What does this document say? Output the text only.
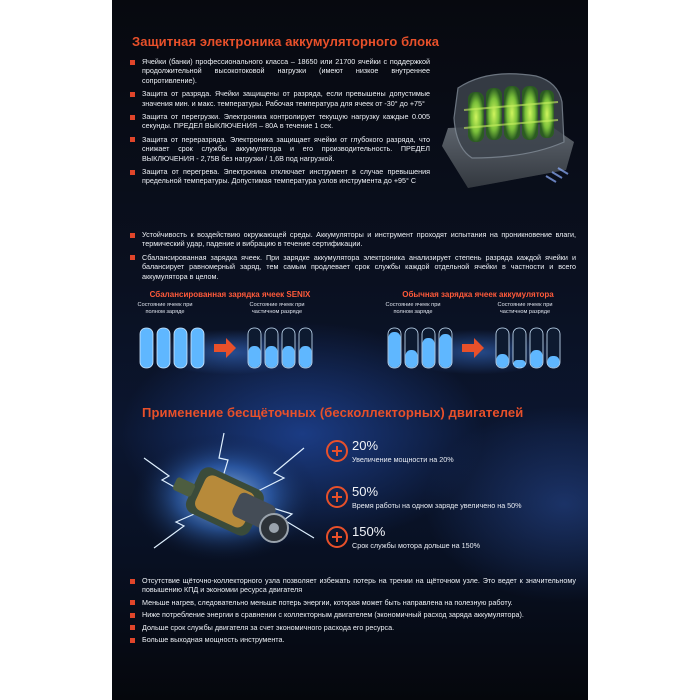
Защитная электроника аккумуляторного блока
Ячейки (банки) профессионального класса – 18650 или 21700 ячейки с поддержкой продолжительной высокотоковой нагрузки (имеют низкое внутреннее сопротивление).
Защита от разряда. Ячейки защищены от разряда, если превышены допустимые значения мин. и макс. температуры. Рабочая температура для ячеек от -30° до +75°
Защита от перегрузки. Электроника контролирует текущую нагрузку каждые 0.005 секунды. ПРЕДЕЛ ВЫКЛЮЧЕНИЯ – 80А в течение 1 сек.
Защита от переразряда. Электроника защищает ячейки от глубокого разряда, что снижает срок службы аккумулятора и его производительность. ПРЕДЕЛ ВЫКЛЮЧЕНИЯ - 2,75В без нагрузки / 1,6В под нагрузкой.
Защита от перегрева. Электроника отключает инструмент в случае превышения предельной температуры. Допустимая температура узлов инструмента до +95° С
Устойчивость к воздействию окружающей среды. Аккумуляторы и инструмент проходят испытания на проникновение влаги, термический удар, падение и вибрацию в течение сертификации.
Сбалансированная зарядка ячеек. При зарядке аккумулятора электроника анализирует степень разряда каждой ячейки и балансирует равномерный заряд, тем самым продлевает срок службы каждой отдельной ячейки в частности и всего аккумулятора в целом.
Сбалансированная зарядка ячеек SENIX
Состояние ячеек при полном заряде
Состояние ячеек при частичном разряде
Обычная зарядка ячеек аккумулятора
Состояние ячеек при полном заряде
Состояние ячеек при частичном разряде
Применение бесщёточных (бесколлекторных) двигателей
20%
Увеличение мощности на 20%
50%
Время работы на одном заряде увеличено на 50%
150%
Срок службы мотора дольше на 150%
Отсутствие щёточно-коллекторного узла позволяет избежать потерь на трении на щёточном узле. Это ведет к значительному повышению КПД и экономии ресурса двигателя
Меньше нагрев, следовательно меньше потерь энергии, которая может быть направлена на полезную работу.
Ниже потребление энергии в сравнении с коллекторным двигателем (экономичный расход заряда аккумулятора).
Дольше срок службы двигателя за счет экономичного расхода его ресурса.
Больше выходная мощность инструмента.
